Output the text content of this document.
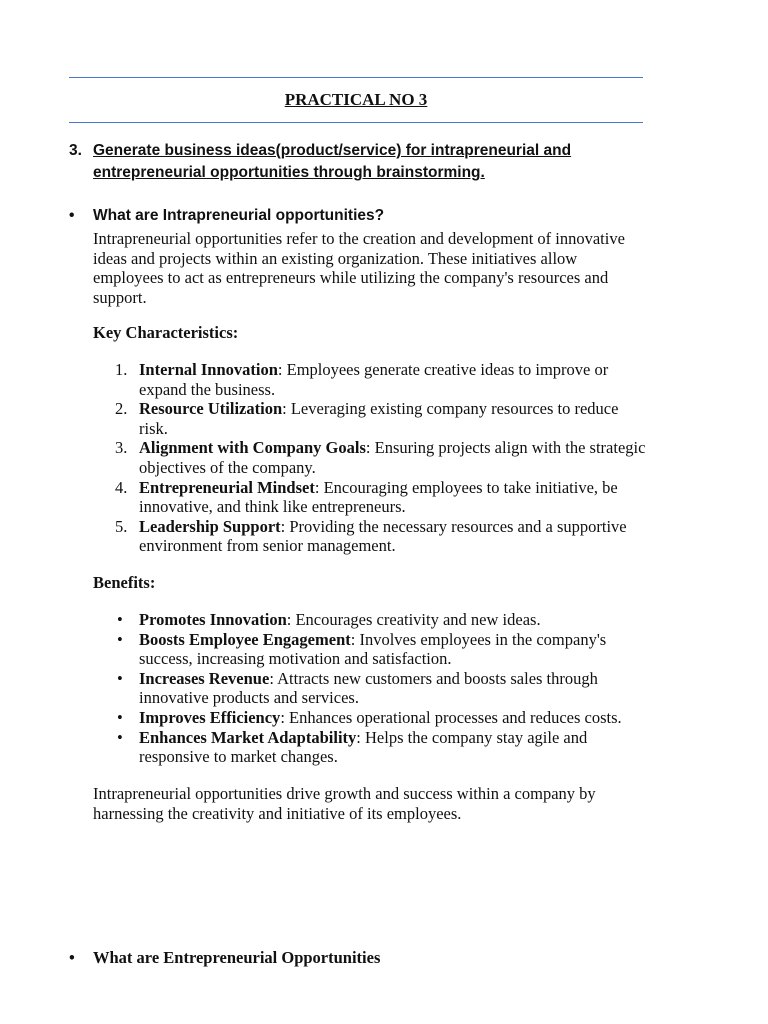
PRACTICAL NO 3
3. Generate business ideas(product/service) for intrapreneurial and
entrepreneurial opportunities through brainstorming.
• What are Intrapreneurial opportunities?
Intrapreneurial opportunities refer to the creation and development of innovative
ideas and projects within an existing organization. These initiatives allow
employees to act as entrepreneurs while utilizing the company's resources and
support.
Key Characteristics:
1. Internal Innovation: Employees generate creative ideas to improve or
expand the business.
2. Resource Utilization: Leveraging existing company resources to reduce
risk.
3. Alignment with Company Goals: Ensuring projects align with the strategic
objectives of the company.
4. Entrepreneurial Mindset: Encouraging employees to take initiative, be
innovative, and think like entrepreneurs.
5. Leadership Support: Providing the necessary resources and a supportive
environment from senior management.
Benefits:
• Promotes Innovation: Encourages creativity and new ideas.
• Boosts Employee Engagement: Involves employees in the company's
success, increasing motivation and satisfaction.
• Increases Revenue: Attracts new customers and boosts sales through
innovative products and services.
• Improves Efficiency: Enhances operational processes and reduces costs.
• Enhances Market Adaptability: Helps the company stay agile and
responsive to market changes.
Intrapreneurial opportunities drive growth and success within a company by
harnessing the creativity and initiative of its employees.
• What are Entrepreneurial Opportunities
